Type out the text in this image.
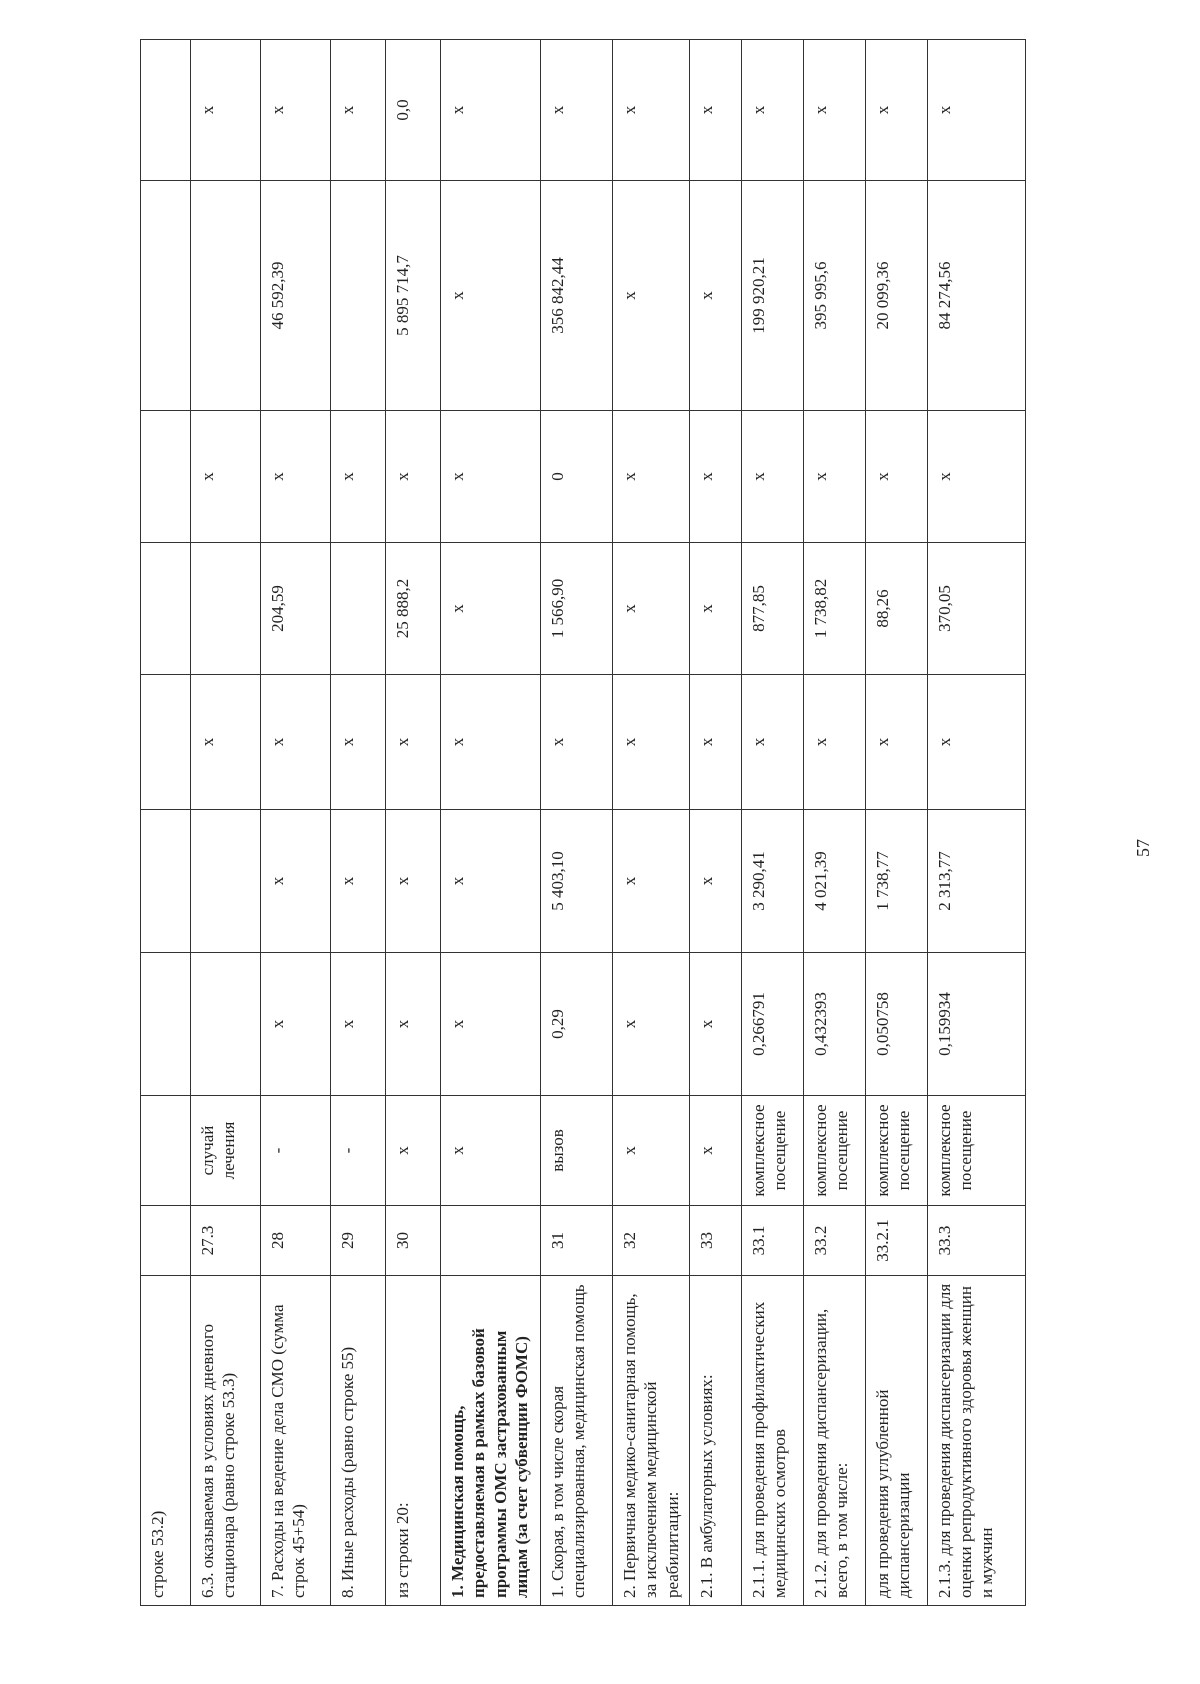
строке 53.2)									
6.3. оказываемая в условиях дневного стационара (равно строке 53.3)	27.3	случай лечения			х		х		х
7. Расходы на ведение дела СМО (сумма строк 45+54)	28	-	х	х	х	204,59	х	46 592,39	х
8. Иные расходы (равно строке 55)	29	-	х	х	х		х		х
из строки 20:	30	х	х	х	х	25 888,2	х	5 895 714,7	0,0
1. Медицинская помощь, предоставляемая в рамках базовой программы ОМС застрахованным лицам (за счет субвенции ФОМС)		х	х	х	х	х	х	х	х
1. Скорая, в том числе скорая специализированная, медицинская помощь	31	вызов	0,29	5 403,10	х	1 566,90	0	356 842,44	х
2. Первичная медико-санитарная помощь, за исключением медицинской реабилитации:	32	х	х	х	х	х	х	х	х
2.1. В амбулаторных условиях:	33	х	х	х	х	х	х	х	х
2.1.1. для проведения профилактических медицинских осмотров	33.1	комплексное посещение	0,266791	3 290,41	х	877,85	х	199 920,21	х
2.1.2. для проведения диспансеризации, всего, в том числе:	33.2	комплексное посещение	0,432393	4 021,39	х	1 738,82	х	395 995,6	х
для проведения углубленной диспансеризации	33.2.1	комплексное посещение	0,050758	1 738,77	х	88,26	х	20 099,36	х
2.1.3. для проведения диспансеризации для оценки репродуктивного здоровья женщин и мужчин	33.3	комплексное посещение	0,159934	2 313,77	х	370,05	х	84 274,56	х
57
